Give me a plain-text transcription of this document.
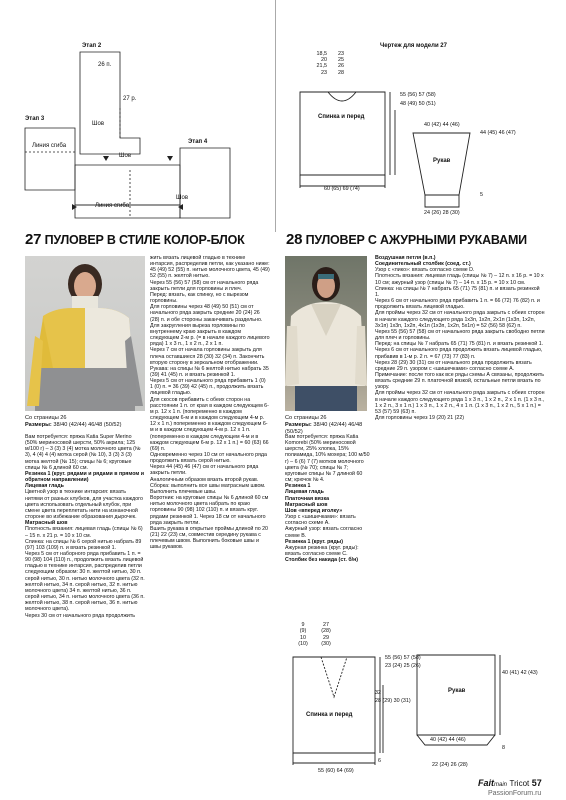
Этап 2
26 п.
27 р.
Шов
Этап 3
Линия сгиба
Шов
Линия сгиба
Шов
Этап 4
Чертеж для модели 27
18,5
20
21,5
23
23
25
26
28
Спинка и перед
55 (56) 57 (58)
48 (49) 50 (51)
60 (65) 69 (74)
40 (42) 44 (46)
44 (45) 46 (47)
Рукав
5
24 (26) 28 (30)
27 ПУЛОВЕР В СТИЛЕ КОЛОР-БЛОК	28 ПУЛОВЕР С АЖУРНЫМИ РУКАВАМИ
Со страницы 26
Размеры: 38/40 (42/44) 46/48 (50/52)

Вам потребуется: пряжа Katia Super Merino (50% мериносовой шерсти, 50% акрила; 125 м/100 г) – 3 (3) 3 (4) мотка молочного цвета (№ 3), 4 (4) 4 (4) мотка серой (№ 10), 3 (3) 3 (3) мотка желтой (№ 15); спицы № 6; круговые спицы № 6 длиной 60 см.

Резинка 1 (круг. рядами и рядами в прямом и обратном направлении)

Лицевая гладь

Цветной узор в технике интарсия: вязать нитями от разных клубков, для участка каждого цвета использовать отдельный клубок, при смене цвета переплетать нити на изнаночной стороне во избежание образования дырочек.

Матрасный шов

Плотность вязания: лицевая гладь (спицы № 6) – 15 п. x 21 р. = 10 x 10 см.

Спинка: на спицы № 6 серой нитью набрать 89 (97) 103 (109) п. и вязать резинкой 1.

Через 5 см от наборного ряда прибавить 1 п. = 90 (98) 104 (110) п., продолжить вязать лицевой гладью в технике интарсия, распределив петли следующим образом: 30 п. желтой нитью, 30 п. серой нитью, 30 п. нитью молочного цвета (32 п. желтой нитью, 34 п. серой нитью, 32 п. нитью молочного цвета) 34 п. желтой нитью, 36 п. серой нитью, 34 п. нитью молочного цвета (36 п. желтой нитью, 38 п. серой нитью, 36 п. нитью молочного цвета).

Через 30 см от начального ряда продолжить

жить вязать лицевой гладью в технике интарсия, распределив петли, как указано ниже: 45 (49) 52 (55) п. нитью молочного цвета, 45 (49) 52 (55) п. желтой нитью.

Через 55 (56) 57 (58) см от начального ряда закрыть петли для горловины и плеч.

Перед: вязать, как спинку, но с вырезом горловины.

Для горловины через 48 (49) 50 (51) см от начального ряда закрыть средние 20 (24) 26 (28) п. и обе стороны заканчивать раздельно. Для закругления выреза горловины по внутреннему краю закрыть в каждом следующем 2-м р. (= в начале каждого лицевого ряда) 1 x 3 п., 1 x 2 п., 2 x 1 п.

Через 7 см от начала горловины закрыть для плеча оставшиеся 28 (30) 32 (34) п. Закончить вторую сторону в зеркальном отображении.

Рукава: на спицы № 6 желтой нитью набрать 35 (39) 41 (45) п. и вязать резинкой 1.

Через 5 см от начального ряда прибавить 1 (0) 1 (0) п. = 36 (39) 42 (45) п., продолжить вязать лицевой гладью.

Для скосов прибавить с обеих сторон на расстоянии 1 п. от края в каждом следующем 6-м р. 12 x 1 п. (попеременно в каждом следующем 6-м и в каждом следующем 4-м р. 12 x 1 п.) попеременно в каждом следующем 6-м и в каждом следующем 4-м р. 12 x 1 п. (попеременно в каждом следующем 4-м и в каждом следующем 6-м р. 12 x 1 п.) = 60 (63) 66 (69) п.

Одновременно через 10 см от начального ряда продолжить вязать серой нитью.

Через 44 (45) 46 (47) см от начального ряда закрыть петли.

Аналогичным образом вязать второй рукав.

Сборка: выполнить все швы матрасным швом.

Выполнить плечевые швы.

Воротник: на круговые спицы № 6 длиной 60 см нитью молочного цвета набрать по краю горловины 90 (98) 102 (110) п. и вязать круг. рядами резинкой 1. Через 18 см от начального ряда закрыть петли.

Вшить рукава в открытые проймы длиной по 20 (21) 22 (23) см, совместив середину рукава с плечевым швом. Выполнить боковые швы и швы рукавов.

Со страницы 26
Размеры: 38/40 (42/44) 46/48 (50/52)

Вам потребуется: пряжа Katia Komorebi (50% мериносовой шерсти, 25% хлопка, 15% полиамида, 10% мохера; 100 м/50 г) – 6 (6) 7 (7) мотков молочного цвета (№ 70); спицы № 7; круговые спицы № 7 длиной 60 см; крючок № 4.

Резинка 1

Лицевая гладь

Платочная вязка

Матрасный шов

Шов «вперед иголку»

Узор с «шишечками»: вязать согласно схеме А.

Ажурный узор: вязать согласно схеме В.

Резинка 1 (круг. ряды)

Ажурная резинка (круг. ряды): вязать согласно схеме С.

Столбик без накида (ст. б/н)

Воздушная петля (в.п.)

Соединительный столбик (соед. ст.)

Узор с «пико»: вязать согласно схеме D.

Плотность вязания: лицевая гладь (спицы № 7) – 12 п. x 16 р. = 10 x 10 см; ажурный узор (спицы № 7) – 14 п. x 15 р. = 10 x 10 см.

Спинка: на спицы № 7 набрать 65 (71) 75 (81) п. и вязать резинкой 1.

Через 6 см от начального ряда прибавить 1 п. = 66 (72) 76 (82) п. и продолжить вязать лицевой гладью.

Для проймы через 32 см от начального ряда закрыть с обеих сторон в начале каждого следующего ряда 1x3п, 1x2п, 2x1п (1x3п, 1x2п, 3x1п) 1x3п, 1x2п, 4x1п (1x3п, 1x2п, 5x1п) = 52 (56) 58 (62) п.

Через 55 (56) 57 (58) см от начального ряда закрыть свободно петли для плеч и горловины.

Перед: на спицы № 7 набрать 65 (71) 75 (81) п. и вязать резинкой 1.

Через 6 см от начального ряда продолжить вязать лицевой гладью, прибавив в 1-м р. 2 п. = 67 (73) 77 (83) п.

Через 28 (29) 30 (31) см от начального ряда продолжить вязать средние 29 п. узором с «шишечками» согласно схеме А.

Примечание: после того как все ряды схемы А связаны, продолжить вязать средние 29 п. платочной вязкой, остальные петли вязать по узору.

Для проймы через 32 см от начального ряда закрыть с обеих сторон в начале каждого следующего ряда 1 x 3 п., 1 x 2 п., 2 x 1 п. (1 x 3 п., 1 x 2 п., 3 x 1 п.) 1 x 3 п., 1 x 2 п., 4 x 1 п. (1 x 3 п., 1 x 2 п., 5 x 1 п.) = 53 (57) 59 (63) п.

Для горловины через 19 (20) 21 (22)

9
(9)
10
(10)
27
(28)
29
(30)
Спинка и перед
55 (56) 57 (58)
23 (24) 25 (26)
32
28 (29) 30 (31)
6
55 (60) 64 (69)
Рукав
40 (41) 42 (43)
40 (42) 44 (46)
8
22 (24) 26 (28)
Faitmain Tricot 57
PassionForum.ru
